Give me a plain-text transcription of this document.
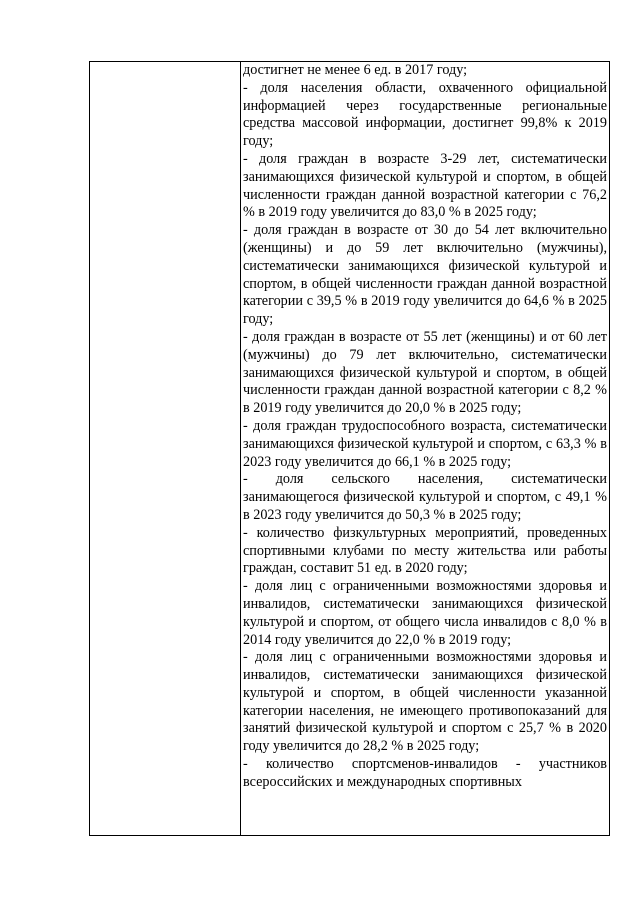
достигнет не менее 6 ед. в 2017 году;

- доля населения области, охваченного официальной информацией через государственные региональные средства массовой информации, достигнет 99,8% к 2019 году;

- доля граждан в возрасте 3-29 лет, систематически занимающихся физической культурой и спортом, в общей численности граждан данной возрастной категории с 76,2 % в 2019 году увеличится до 83,0 % в 2025 году;

- доля граждан в возрасте от 30 до 54 лет включительно (женщины) и до 59 лет включительно (мужчины), систематически занимающихся физической культурой и спортом, в общей численности граждан данной возрастной категории с 39,5 % в 2019 году увеличится до 64,6 % в 2025 году;

- доля граждан в возрасте от 55 лет (женщины) и от 60 лет (мужчины) до 79 лет включительно, систематически занимающихся физической культурой и спортом, в общей численности граждан данной возрастной категории с 8,2 % в 2019 году увеличится до 20,0 % в 2025 году;

- доля граждан трудоспособного возраста, систематически занимающихся физической культурой и спортом, с 63,3 % в 2023 году увеличится до 66,1 % в 2025 году;

- доля сельского населения, систематически занимающегося физической культурой и спортом, с 49,1 % в 2023 году увеличится до 50,3 % в 2025 году;

- количество физкультурных мероприятий, проведенных спортивными клубами по месту жительства или работы граждан, составит 51 ед. в 2020 году;

- доля лиц с ограниченными возможностями здоровья и инвалидов, систематически занимающихся физической культурой и спортом, от общего числа инвалидов с 8,0 % в 2014 году увеличится до 22,0 % в 2019 году;

- доля лиц с ограниченными возможностями здоровья и инвалидов, систематически занимающихся физической культурой и спортом, в общей численности указанной категории населения, не имеющего противопоказаний для занятий физической культурой и спортом с 25,7 % в 2020 году увеличится до 28,2 % в 2025 году;

- количество спортсменов-инвалидов - участников всероссийских и международных спортивных
